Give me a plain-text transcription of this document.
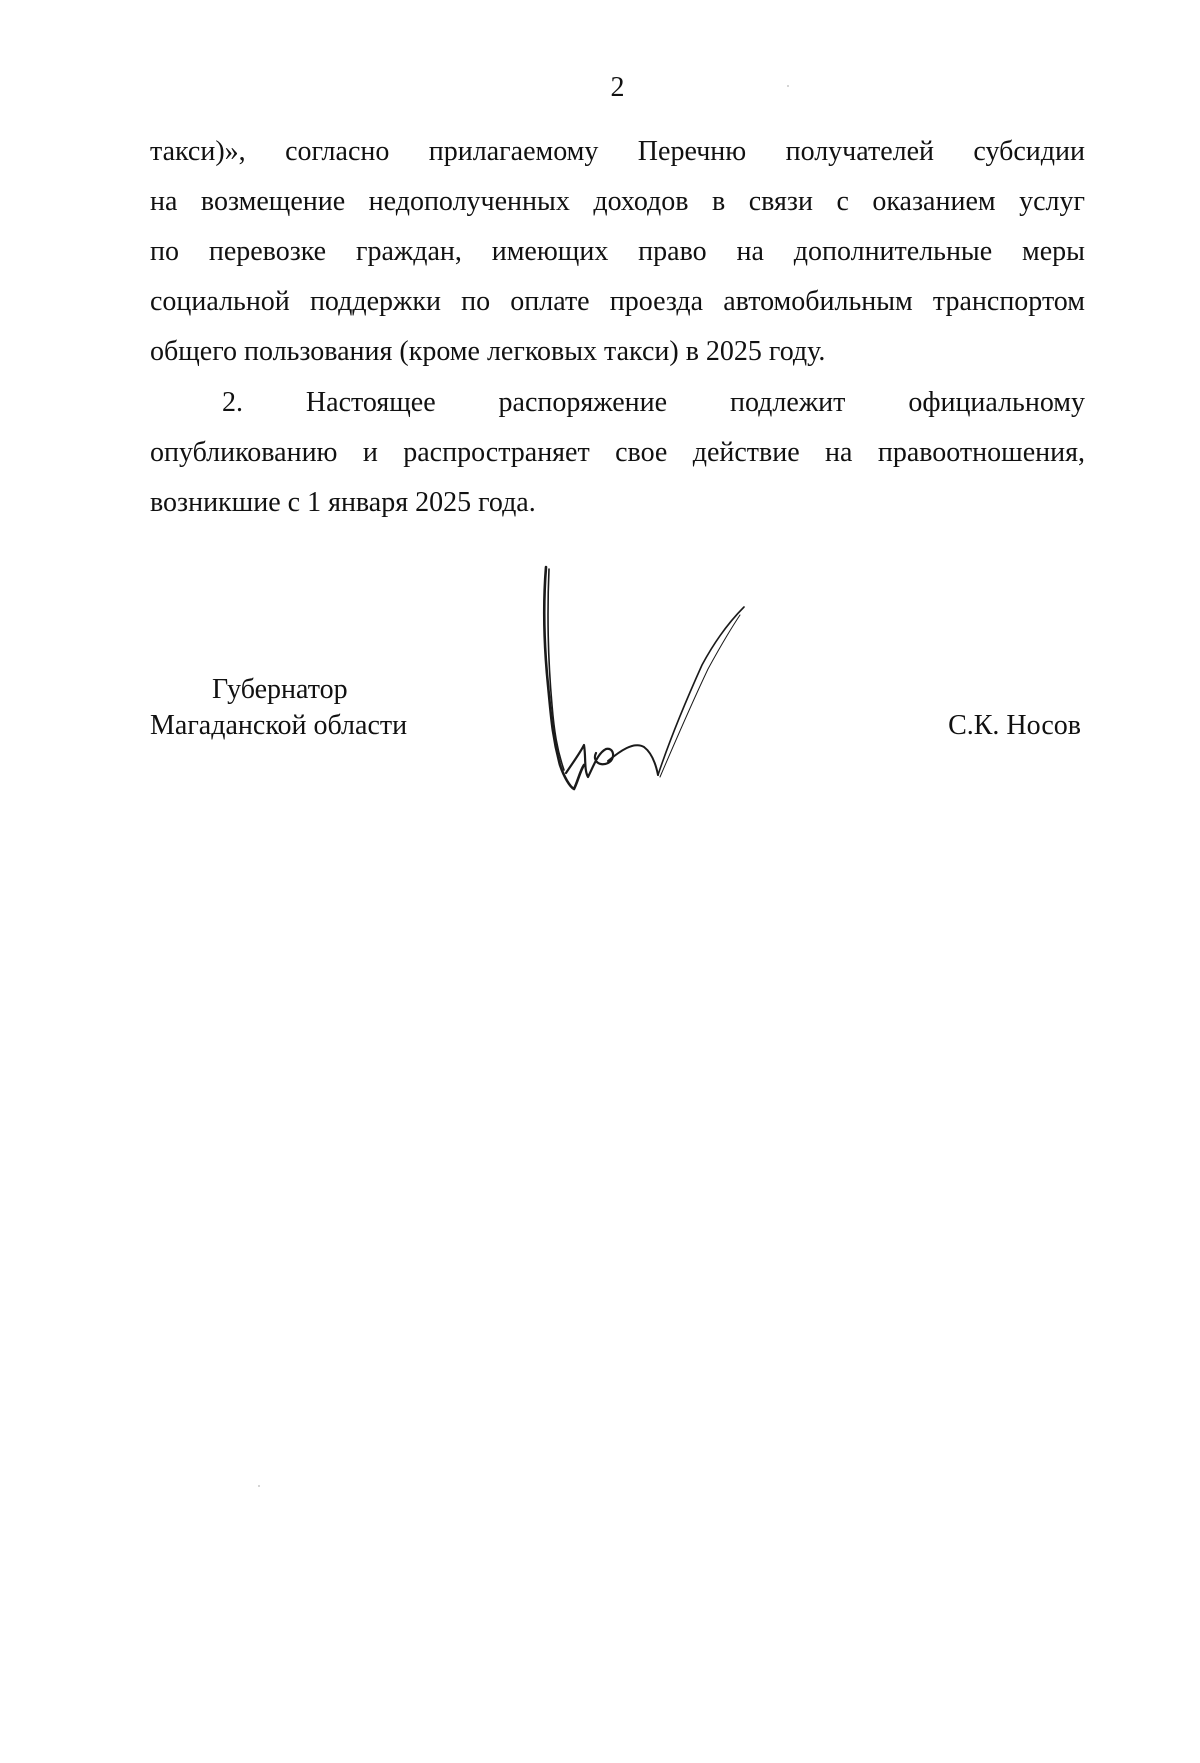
2

такси)», согласно прилагаемому Перечню получателей субсидии
на возмещение недополученных доходов в связи с оказанием услуг
по перевозке граждан, имеющих право на дополнительные меры
социальной поддержки по оплате проезда автомобильным транспортом
общего пользования (кроме легковых такси) в 2025 году.

2. Настоящее распоряжение подлежит официальному
опубликованию и распространяет свое действие на правоотношения,
возникшие с 1 января 2025 года.

Губернатор
Магаданской области	С.К. Носов
